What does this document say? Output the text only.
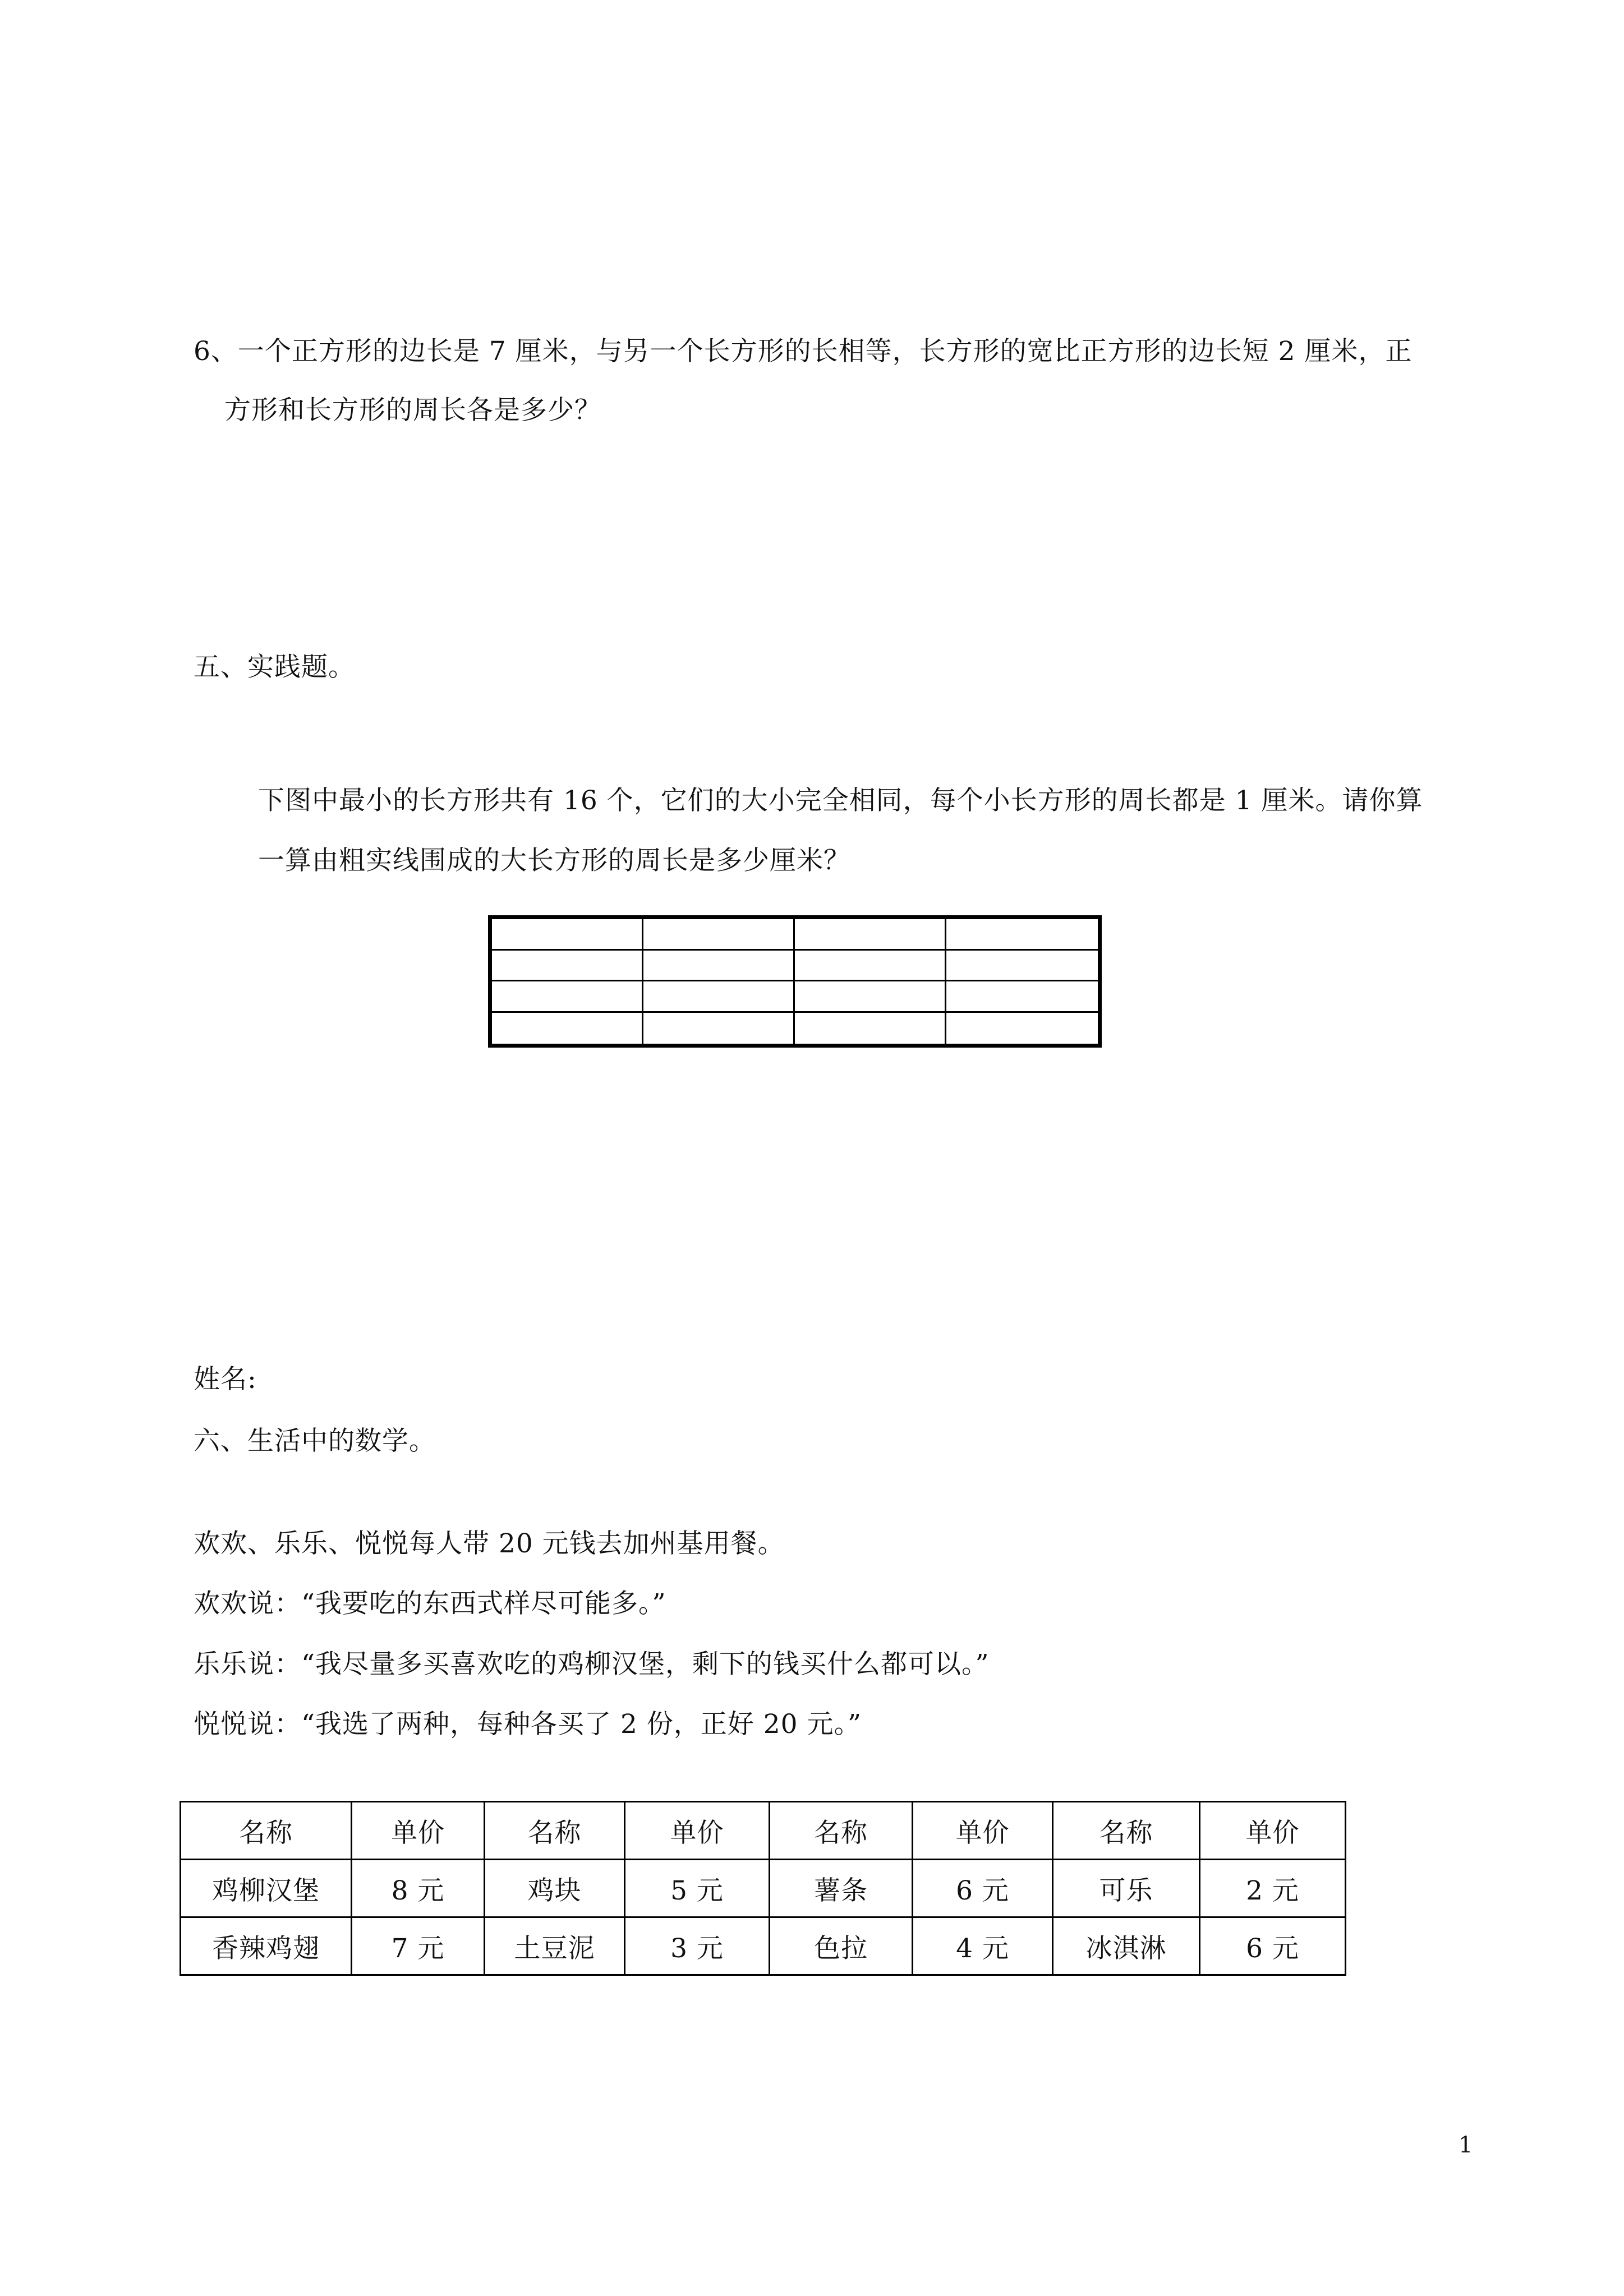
6、一个正方形的边长是 7 厘米，与另一个长方形的长相等，长方形的宽比正方形的边长短 2 厘米，正
方形和长方形的周长各是多少？
五、实践题。
下图中最小的长方形共有 16 个，它们的大小完全相同，每个小长方形的周长都是 1 厘米。请你算
一算由粗实线围成的大长方形的周长是多少厘米？
姓名:
六、生活中的数学。
欢欢、乐乐、悦悦每人带 20 元钱去加州基用餐。
欢欢说：“我要吃的东西式样尽可能多。”
乐乐说：“我尽量多买喜欢吃的鸡柳汉堡，剩下的钱买什么都可以。”
悦悦说：“我选了两种，每种各买了 2 份，正好 20 元。”
名称	单价	名称	单价	名称	单价	名称	单价
鸡柳汉堡	8 元	鸡块	5 元	薯条	6 元	可乐	2 元
香辣鸡翅	7 元	土豆泥	3 元	色拉	4 元	冰淇淋	6 元
1
